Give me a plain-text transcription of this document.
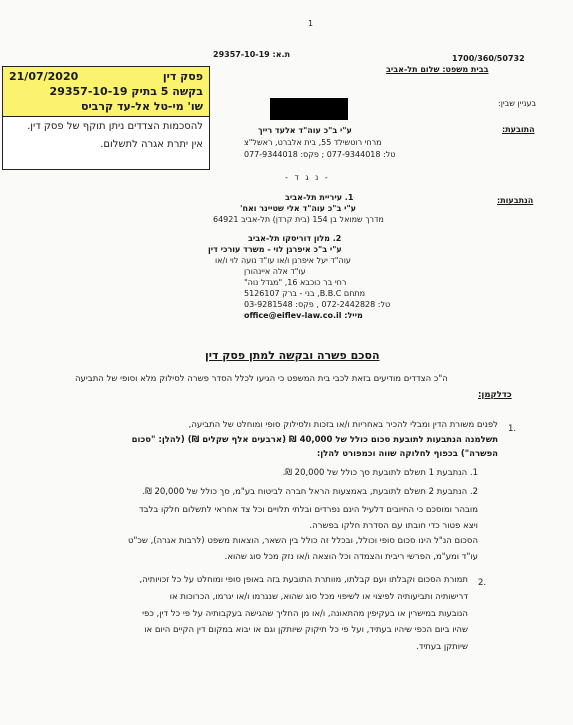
1
ת.א: 29357-10-19	1700/360/50732
בבית משפט: שלום תל-אביב
21/07/2020	פסק דין
בקשה 5 בתיק 29357-10-19
שו' מי-טל אל-עד קרביס
להסכמות הצדדים ניתן תוקף של פסק דין.
אין יתרת אגרה לתשלום.
בעניין שבין:
התובעת:
ע"י ב"כ עוה"ד אלעד רייך
מרחי רוטשילד 55, בית אלברט, ראשל"צ
טל: 077-9344018 ; פקס: 077-9344018
- נ ג ד -
הנתבעות:
1. עיריית תל-אביב
ע"י ב"כ עוה"ד אלי שטיינר ואח'
מדרך שמואל בן 154 (בית קרדן) תל-אביב 64921
2. מלון דוריסקו תל-אביב
ע"י ב"כ איפרגן לוי - משרד עורכי דין
עוה"ד יעל איפרגן ו/או עו"ד נועה לוי ו/או
עו"ד אלה איינהורן
רחי בר כוכבא 16, "מגדל נוה"
מתחם B.B.C, בני - ברק 5126107
טל: 072-2442828 , פקס: 03-9281548
מייל: office@eiflev-law.co.il
הסכם פשרה ובקשה למתן פסק דין
ה"כ הצדדים מודיעים בזאת לכבי בית המשפט כי הגיעו לכלל הסדר פשרה לסילוק מלא וסופי של התביעה
כדלקמן:
1.
לפנים משורת הדין ומבלי להכיר באחריות ו/או בזכות ולסילוק סופי ומוחלט של התביעה,
תשלמנה הנתבעות לתובעת סכום כולל של 40,000 ₪ (ארבעים אלף שקלים ₪) (להלן: "סכום
הפשרה") בכפוף לחלוקה שווה וכמפורט להלן:
1. הנתבעת 1 תשלם לתובעת סך כולל של 20,000 ₪.
2. הנתבעת 2 תשלם לתובעת, באמצעות הראל חברה לביטוח בע"מ, סך כולל של 20,000 ₪.
מובהר ומוסכם כי החיובים דלעיל הינם נפרדים ובלתי תלויים וכל צד אחראי לתשלום חלקו בלבד
ויצא פטור כדי חובתו עם הסדרת חלקו בפשרה.
הסכום הנ"ל הינו סכום סופי וכולל, ובכלל זה כולל בין השאר, הוצאות משפט (לרבות אגרה), שכ"ט
עו"ד ומע"מ, הפרשי ריבית והצמדה וכל הוצאה ו/או נזק מכל סוג שהוא.
2.
תמורת הסכום וקבלתו ועם קבלתו, מוותרת התובעת בזה באופן סופי ומוחלט על כל זכויותיה,
דרישותיה ותביעותיה לפיצוי או לשיפוי מכל סוג שהוא, שנגרמו ו/או יגרמו, הכרוכות או
הנובעות במישרין או בעקיפין מהתאונה, ו/או מן החליך שהגישה בעקבותיה על פי כל דין, כפי
שהיו ביום הכפי שיהיו בעתיד, ועל פי כל תיקוק שיותקן וגם או יבוא במקום דין הקיים היום או
שיותקן בעתיד.
